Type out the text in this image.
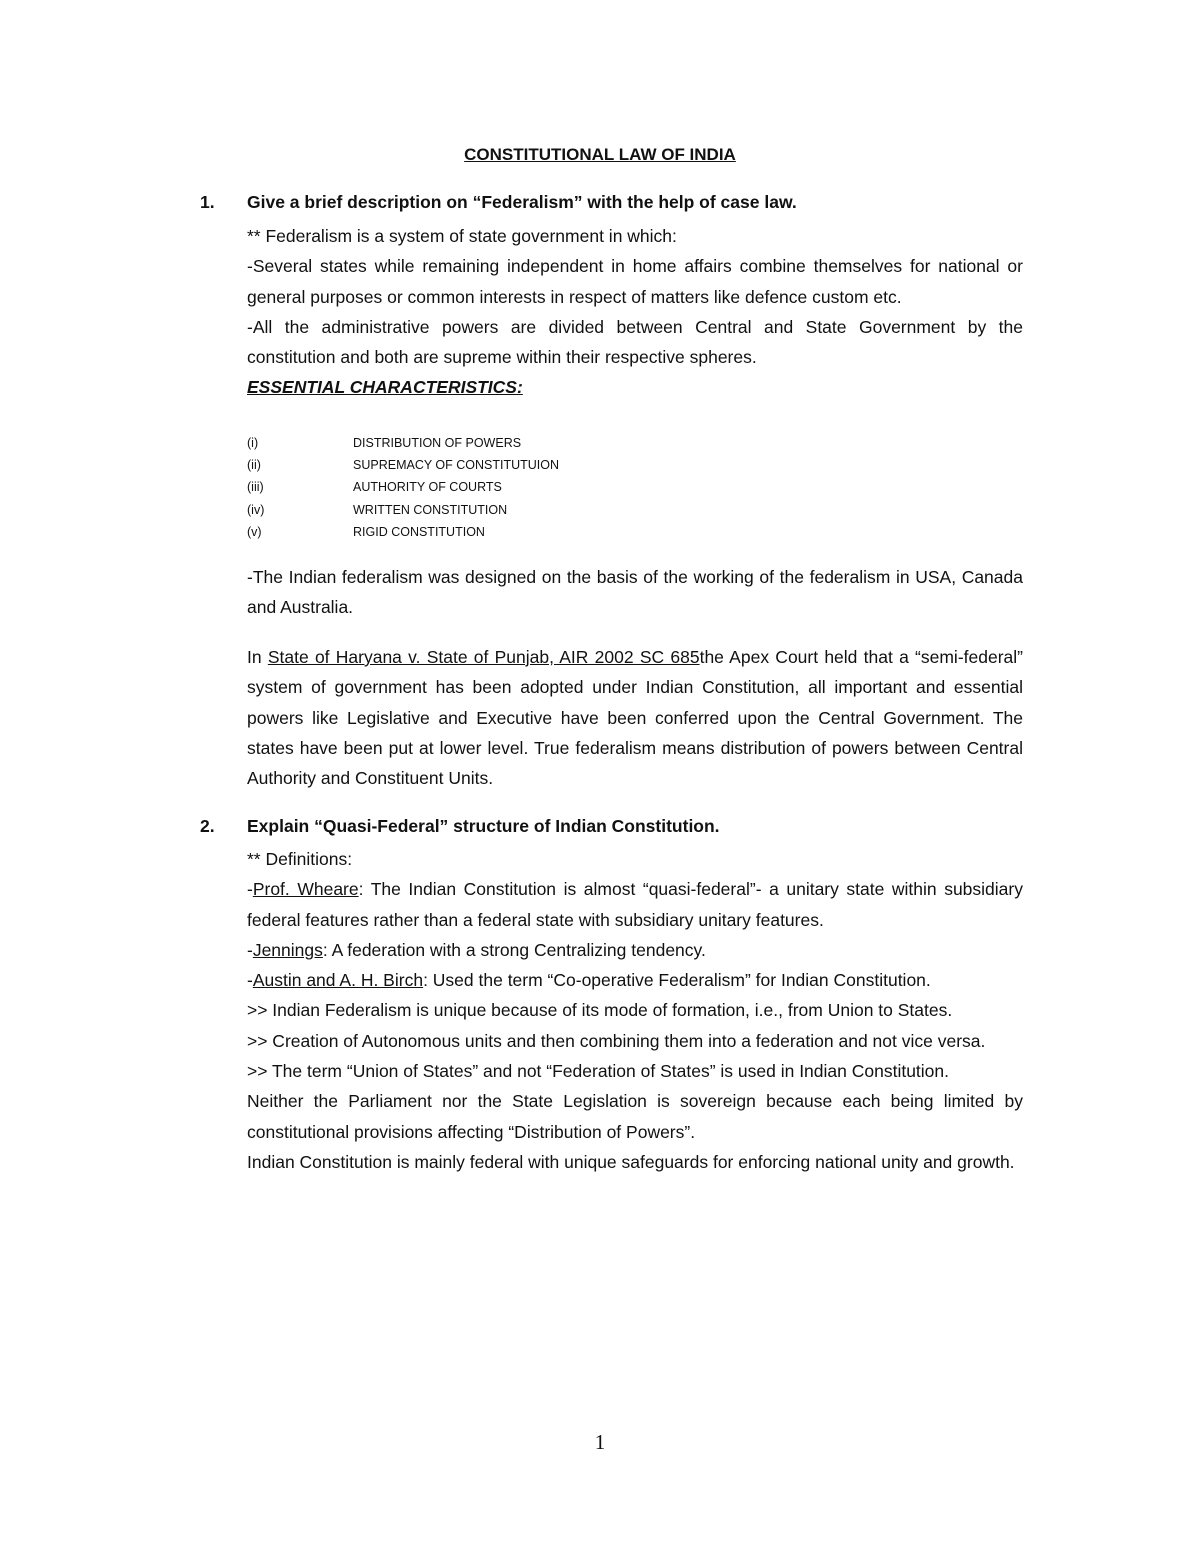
CONSTITUTIONAL LAW OF INDIA
1. Give a brief description on “Federalism” with the help of case law.

** Federalism is a system of state government in which:

-Several states while remaining independent in home affairs combine themselves for national or general purposes or common interests in respect of matters like defence custom etc.

-All the administrative powers are divided between Central and State Government by the constitution and both are supreme within their respective spheres.

ESSENTIAL CHARACTERISTICS:

(i)	DISTRIBUTION OF POWERS
(ii)	SUPREMACY OF CONSTITUTUION
(iii)	AUTHORITY OF COURTS
(iv)	WRITTEN CONSTITUTION
(v)	RIGID CONSTITUTION

-The Indian federalism was designed on the basis of the working of the federalism in USA, Canada and Australia.

In State of Haryana v. State of Punjab, AIR 2002 SC 685the Apex Court held that a “semi-federal” system of government has been adopted under Indian Constitution, all important and essential powers like Legislative and Executive have been conferred upon the Central Government. The states have been put at lower level. True federalism means distribution of powers between Central Authority and Constituent Units.

2. Explain “Quasi-Federal” structure of Indian Constitution.

** Definitions:

-Prof. Wheare: The Indian Constitution is almost “quasi-federal”- a unitary state within subsidiary federal features rather than a federal state with subsidiary unitary features.

-Jennings: A federation with a strong Centralizing tendency.

-Austin and A. H. Birch: Used the term “Co-operative Federalism” for Indian Constitution.

>> Indian Federalism is unique because of its mode of formation, i.e., from Union to States.

>> Creation of Autonomous units and then combining them into a federation and not vice versa.

>> The term “Union of States” and not “Federation of States” is used in Indian Constitution.

Neither the Parliament nor the State Legislation is sovereign because each being limited by constitutional provisions affecting “Distribution of Powers”.

Indian Constitution is mainly federal with unique safeguards for enforcing national unity and growth.

1
